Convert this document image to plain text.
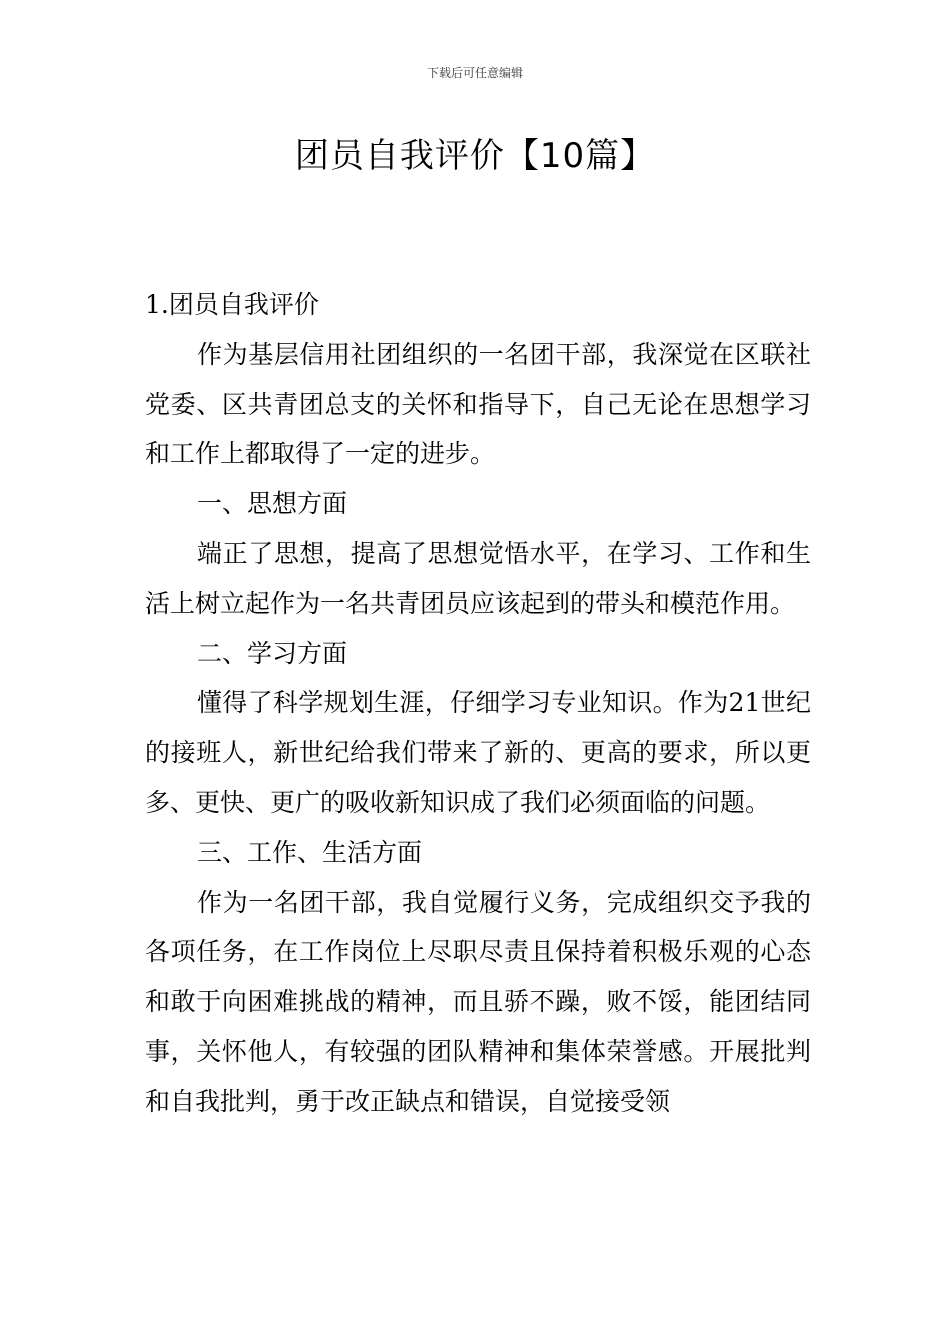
下载后可任意编辑
团员自我评价【10篇】

1.团员自我评价

作为基层信用社团组织的一名团干部，我深觉在区联社党委、区共青团总支的关怀和指导下，自己无论在思想学习和工作上都取得了一定的进步。

一、思想方面

端正了思想，提高了思想觉悟水平，在学习、工作和生活上树立起作为一名共青团员应该起到的带头和模范作用。

二、学习方面

懂得了科学规划生涯，仔细学习专业知识。作为21世纪的接班人，新世纪给我们带来了新的、更高的要求，所以更多、更快、更广的吸收新知识成了我们必须面临的问题。

三、工作、生活方面

作为一名团干部，我自觉履行义务，完成组织交予我的各项任务，在工作岗位上尽职尽责且保持着积极乐观的心态和敢于向困难挑战的精神，而且骄不躁，败不馁，能团结同事，关怀他人，有较强的团队精神和集体荣誉感。开展批判和自我批判，勇于改正缺点和错误，自觉接受领
